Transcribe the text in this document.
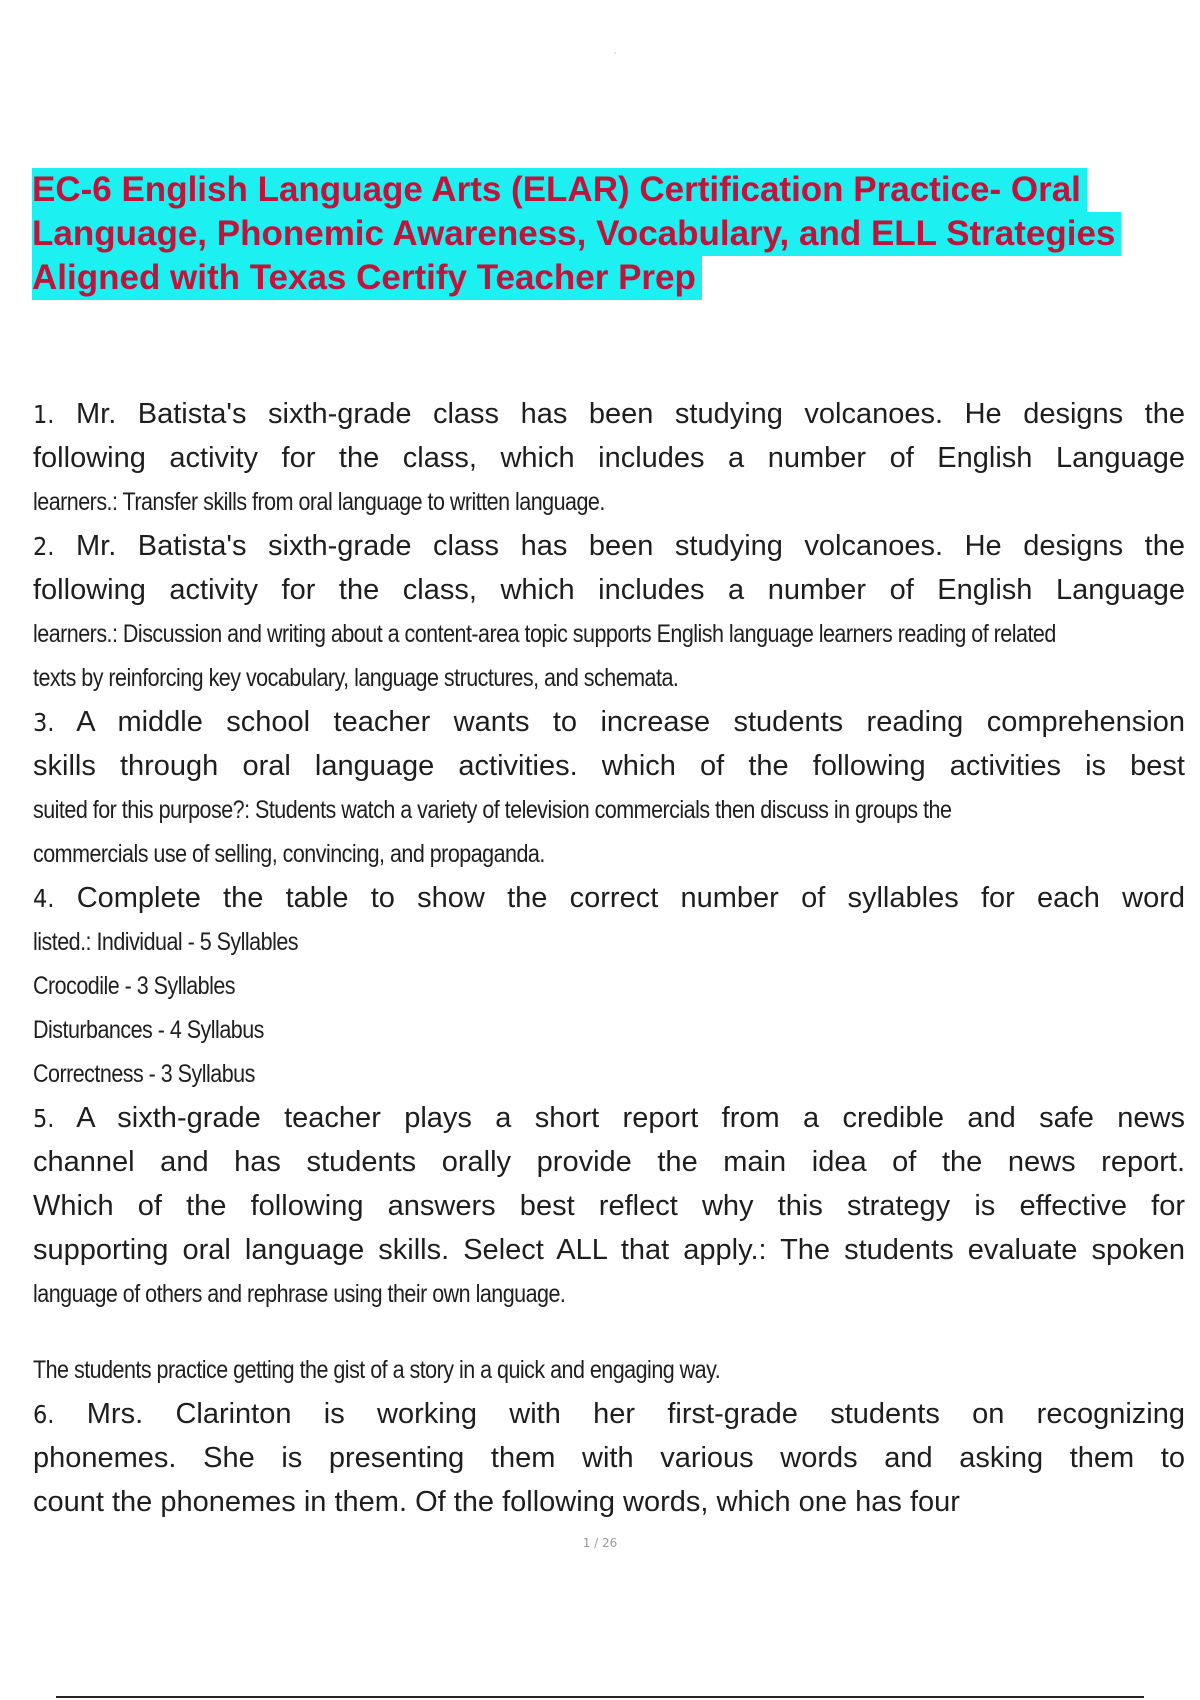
EC-6 English Language Arts (ELAR) Certification Practice- Oral
Language, Phonemic Awareness, Vocabulary, and ELL Strategies
Aligned with Texas Certify Teacher Prep
1. Mr. Batista's sixth-grade class has been studying volcanoes. He designs the
following activity for the class, which includes a number of English Language
learners.: Transfer skills from oral language to written language.
2. Mr. Batista's sixth-grade class has been studying volcanoes. He designs the
following activity for the class, which includes a number of English Language
learners.: Discussion and writing about a content-area topic supports English language learners reading of related
texts by reinforcing key vocabulary, language structures, and schemata.
3. A middle school teacher wants to increase students reading comprehension
skills through oral language activities. which of the following activities is best
suited for this purpose?: Students watch a variety of television commercials then discuss in groups the
commercials use of selling, convincing, and propaganda.
4. Complete the table to show the correct number of syllables for each word
listed.: Individual - 5 Syllables
Crocodile - 3 Syllables
Disturbances - 4 Syllabus
Correctness - 3 Syllabus
5. A sixth-grade teacher plays a short report from a credible and safe news
channel and has students orally provide the main idea of the news report.
Which of the following answers best reflect why this strategy is effective for
supporting oral language skills. Select ALL that apply.: The students evaluate spoken
language of others and rephrase using their own language.
The students practice getting the gist of a story in a quick and engaging way.
6. Mrs. Clarinton is working with her first-grade students on recognizing
phonemes. She is presenting them with various words and asking them to
count the phonemes in them. Of the following words, which one has four
1 / 26
